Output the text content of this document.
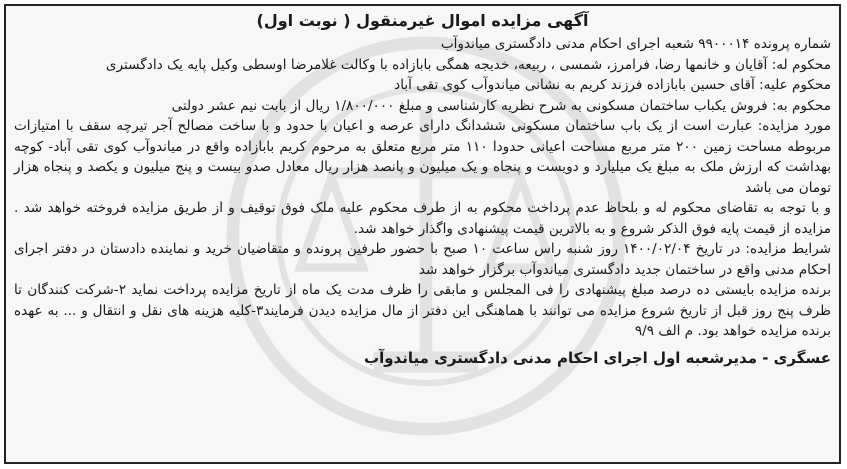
آگهی مزایده اموال غیرمنقول ( نوبت اول)

شماره پرونده ۹۹۰۰۰۱۴ شعبه اجرای احکام مدنی دادگستری میاندوآب

محکوم له: آقایان و خانمها رضا، فرامرز، شمسی ، ربیعه، خدیجه همگی بابازاده با وکالت غلامرضا اوسطی وکیل پایه یک دادگستری

محکوم علیه: آقای حسین بابازاده فرزند کریم به نشانی میاندوآب کوی تقی آباد

محکوم به: فروش یکباب ساختمان مسکونی به شرح نظریه کارشناسی و مبلغ ۱/۸۰۰/۰۰۰ ریال از بابت نیم عشر دولتی

مورد مزایده: عبارت است از یک باب ساختمان مسکونی ششدانگ دارای عرصه و اعیان با حدود و با ساخت مصالح آجر تیرچه سقف با امتیازات مربوطه مساحت زمین ۲۰۰ متر مربع مساحت اعیانی حدودا ۱۱۰ متر مربع متعلق به مرحوم کریم بابازاده واقع در میاندوآب کوی تقی آباد- کوچه بهداشت که ارزش ملک به مبلغ یک میلیارد و دویست و پنجاه و یک میلیون و پانصد هزار ریال معادل صدو بیست و پنج میلیون و یکصد و پنجاه هزار تومان می باشد

و با توجه به تقاضای محکوم له و بلحاظ عدم پرداخت محکوم به از طرف محکوم علیه ملک فوق توقیف و از طریق مزایده فروخته خواهد شد . مزایده از قیمت پایه فوق الذکر شروع و به بالاترین قیمت پیشنهادی واگذار خواهد شد.

شرایط مزایده: در تاریخ ۱۴۰۰/۰۲/۰۴ روز شنبه راس ساعت ۱۰ صبح با حضور طرفین پرونده و متقاضیان خرید و نماینده دادستان در دفتر اجرای احکام مدنی واقع در ساختمان جدید دادگستری میاندوآب برگزار خواهد شد

برنده مزایده بایستی ده درصد مبلغ پیشنهادی را فی المجلس و مابقی را ظرف مدت یک ماه از تاریخ مزایده پرداخت نماید ۲-شرکت کنندگان تا ظرف پنج روز قبل از تاریخ شروع مزایده می توانند با هماهنگی این دفتر از مال مزایده دیدن فرمایند۳-کلیه هزینه های نقل و انتقال و ... به عهده برنده مزایده خواهد بود. م الف ۹/۹

عسگری - مدیرشعبه اول اجرای احکام مدنی دادگستری میاندوآب
